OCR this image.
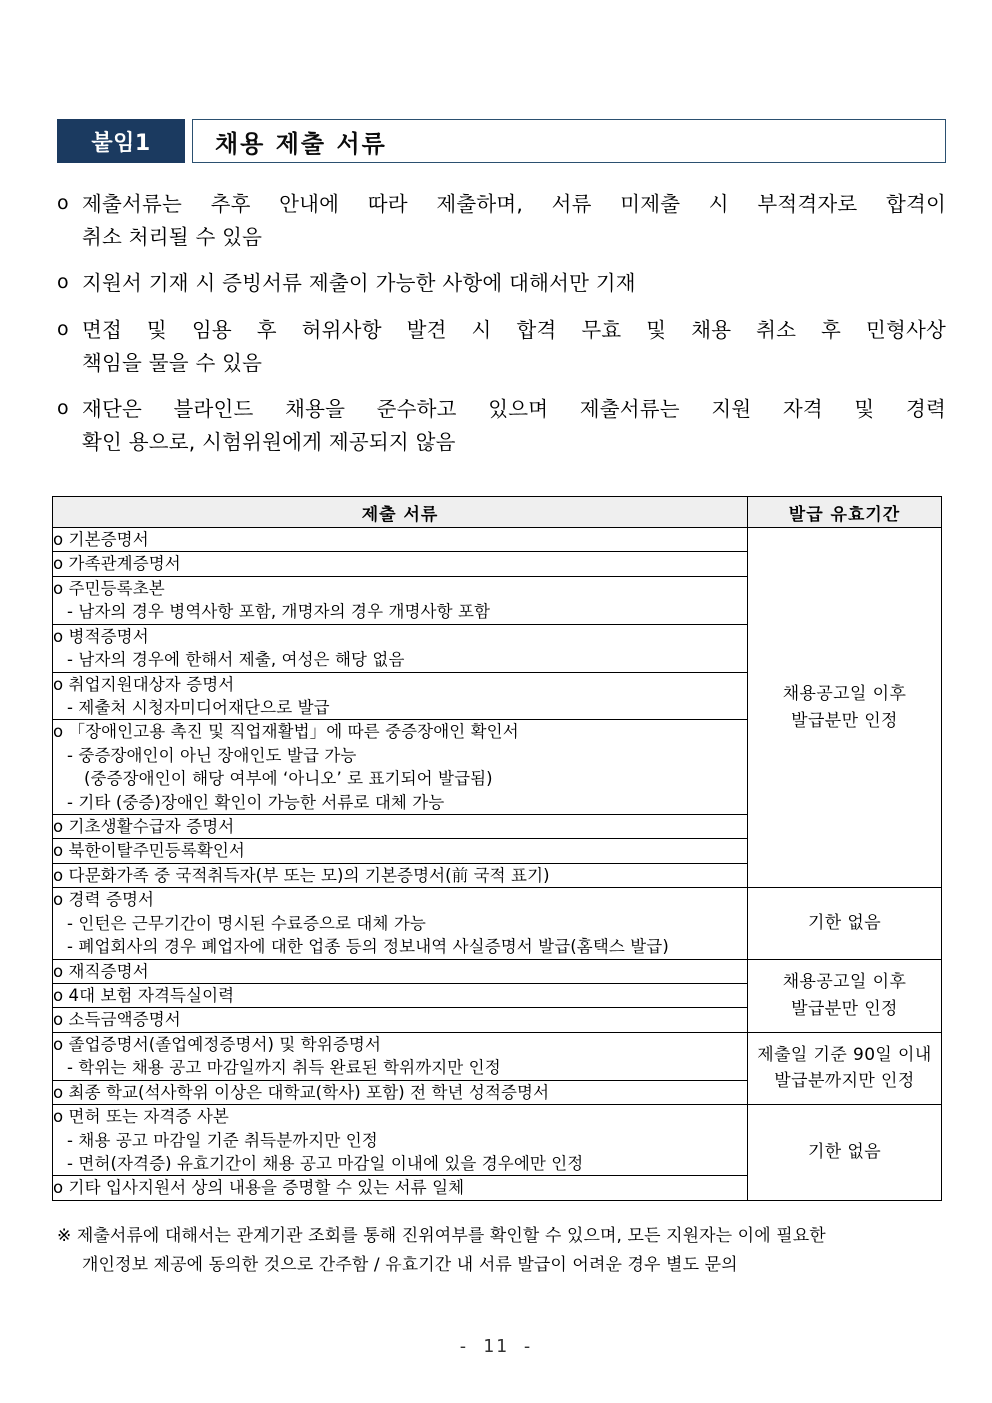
붙임1	채용 제출 서류
o 제출서류는 추후 안내에 따라 제출하며, 서류 미제출 시 부적격자로 합격이
취소 처리될 수 있음
o 지원서 기재 시 증빙서류 제출이 가능한 사항에 대해서만 기재
o 면접 및 임용 후 허위사항 발견 시 합격 무효 및 채용 취소 후 민형사상
책임을 물을 수 있음
o 재단은 블라인드 채용을 준수하고 있으며 제출서류는 지원 자격 및 경력
확인 용으로, 시험위원에게 제공되지 않음
제출 서류	발급 유효기간

o 기본증명서	채용공고일 이후
발급분만 인정

o 가족관계증명서	

o 주민등록초본
- 남자의 경우 병역사항 포함, 개명자의 경우 개명사항 포함	

o 병적증명서
- 남자의 경우에 한해서 제출, 여성은 해당 없음	

o 취업지원대상자 증명서
- 제출처 시청자미디어재단으로 발급	

o 「장애인고용 촉진 및 직업재활법」에 따른 중증장애인 확인서
- 중증장애인이 아닌 장애인도 발급 가능
(중증장애인이 해당 여부에 ‘아니오’ 로 표기되어 발급됨)
- 기타 (중증)장애인 확인이 가능한 서류로 대체 가능	

o 기초생활수급자 증명서	

o 북한이탈주민등록확인서	

o 다문화가족 중 국적취득자(부 또는 모)의 기본증명서(前 국적 표기)	

o 경력 증명서
- 인턴은 근무기간이 명시된 수료증으로 대체 가능
- 폐업회사의 경우 폐업자에 대한 업종 등의 정보내역 사실증명서 발급(홈택스 발급)	기한 없음

o 재직증명서	채용공고일 이후
발급분만 인정

o 4대 보험 자격득실이력	

o 소득금액증명서	

o 졸업증명서(졸업예정증명서) 및 학위증명서
- 학위는 채용 공고 마감일까지 취득 완료된 학위까지만 인정	제출일 기준 90일 이내
발급분까지만 인정

o 최종 학교(석사학위 이상은 대학교(학사) 포함) 전 학년 성적증명서	

o 면허 또는 자격증 사본
- 채용 공고 마감일 기준 취득분까지만 인정
- 면허(자격증) 유효기간이 채용 공고 마감일 이내에 있을 경우에만 인정	기한 없음

o 기타 입사지원서 상의 내용을 증명할 수 있는 서류 일체	
※ 제출서류에 대해서는 관계기관 조회를 통해 진위여부를 확인할 수 있으며, 모든 지원자는 이에 필요한
개인정보 제공에 동의한 것으로 간주함 / 유효기간 내 서류 발급이 어려운 경우 별도 문의
- 11 -
